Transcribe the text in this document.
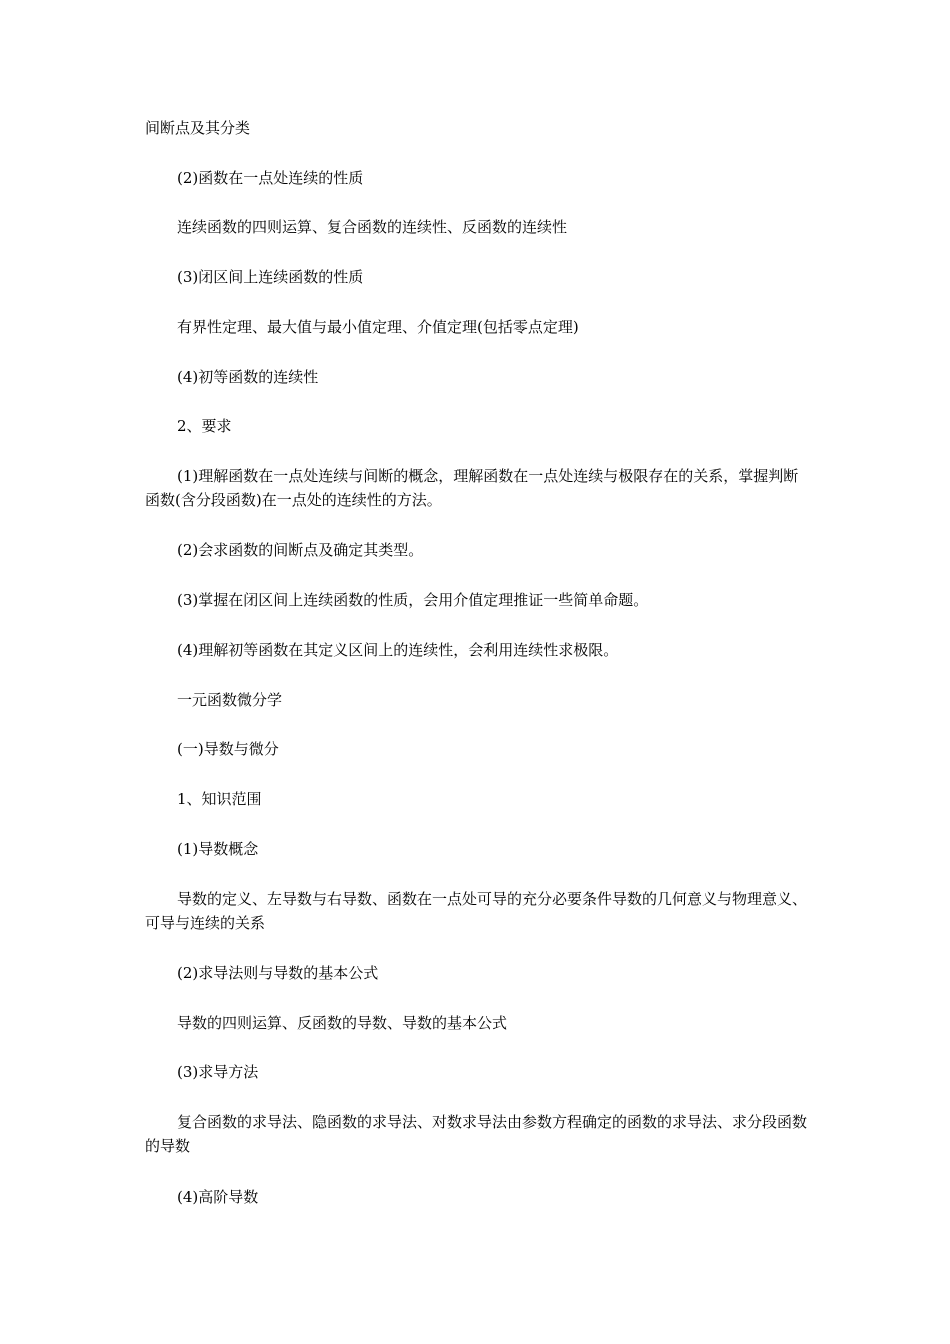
间断点及其分类

(2)函数在一点处连续的性质

连续函数的四则运算、复合函数的连续性、反函数的连续性

(3)闭区间上连续函数的性质

有界性定理、最大值与最小值定理、介值定理(包括零点定理)

(4)初等函数的连续性

2、要求

(1)理解函数在一点处连续与间断的概念，理解函数在一点处连续与极限存在的关系，掌握判断函数(含分段函数)在一点处的连续性的方法。

(2)会求函数的间断点及确定其类型。

(3)掌握在闭区间上连续函数的性质，会用介值定理推证一些简单命题。

(4)理解初等函数在其定义区间上的连续性，会利用连续性求极限。

一元函数微分学

(一)导数与微分

1、知识范围

(1)导数概念

导数的定义、左导数与右导数、函数在一点处可导的充分必要条件导数的几何意义与物理意义、可导与连续的关系

(2)求导法则与导数的基本公式

导数的四则运算、反函数的导数、导数的基本公式

(3)求导方法

复合函数的求导法、隐函数的求导法、对数求导法由参数方程确定的函数的求导法、求分段函数的导数

(4)高阶导数
